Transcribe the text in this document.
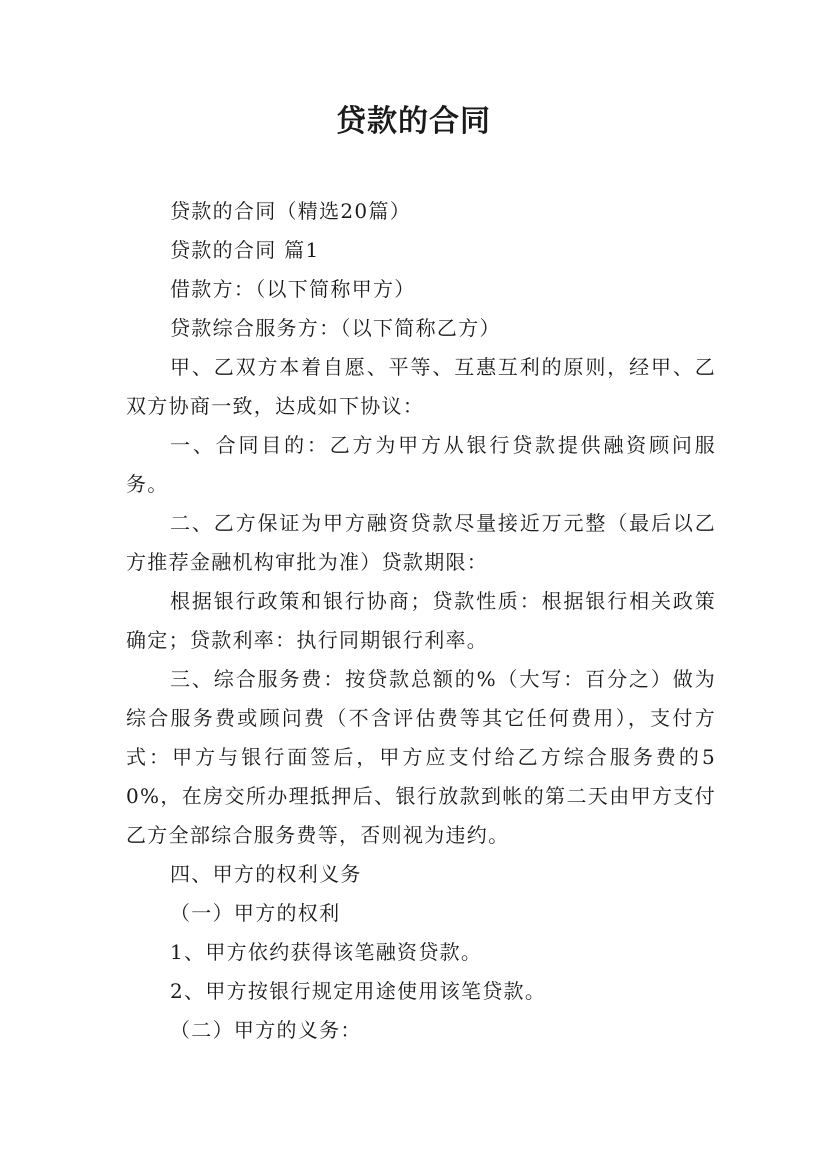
贷款的合同

贷款的合同（精选20篇）

贷款的合同 篇1

借款方：（以下简称甲方）

贷款综合服务方：（以下简称乙方）

甲、乙双方本着自愿、平等、互惠互利的原则，经甲、乙双方协商一致，达成如下协议：

一、合同目的：乙方为甲方从银行贷款提供融资顾问服务。

二、乙方保证为甲方融资贷款尽量接近万元整（最后以乙方推荐金融机构审批为准）贷款期限：

根据银行政策和银行协商；贷款性质：根据银行相关政策确定；贷款利率：执行同期银行利率。

三、综合服务费：按贷款总额的%（大写：百分之）做为综合服务费或顾问费（不含评估费等其它任何费用），支付方式：甲方与银行面签后，甲方应支付给乙方综合服务费的50%，在房交所办理抵押后、银行放款到帐的第二天由甲方支付乙方全部综合服务费等，否则视为违约。

四、甲方的权利义务

（一）甲方的权利

1、甲方依约获得该笔融资贷款。

2、甲方按银行规定用途使用该笔贷款。

（二）甲方的义务：
